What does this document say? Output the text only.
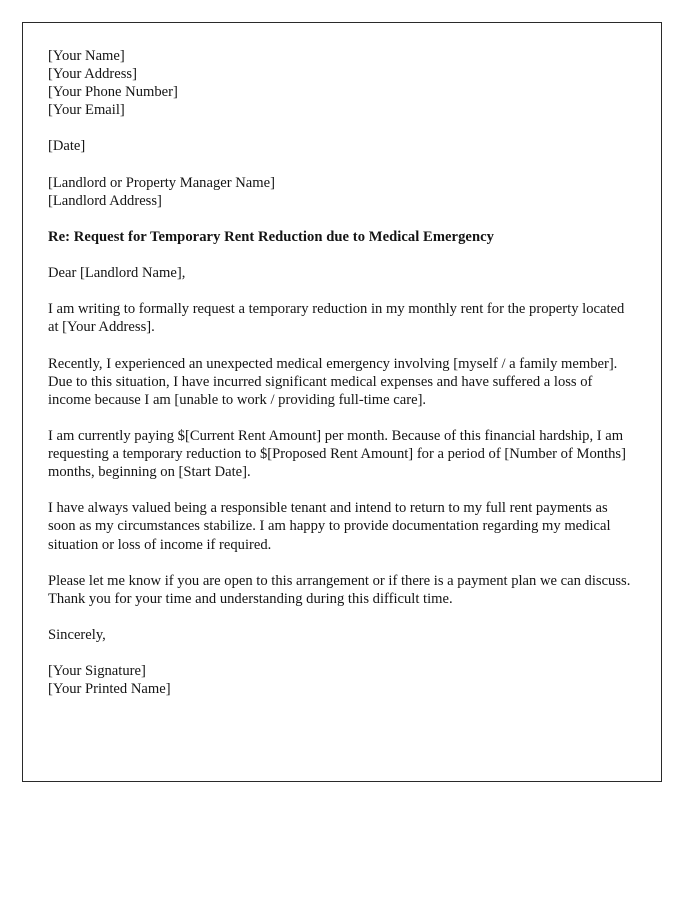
[Your Name]
[Your Address]
[Your Phone Number]
[Your Email]
[Date]
[Landlord or Property Manager Name]
[Landlord Address]
Re: Request for Temporary Rent Reduction due to Medical Emergency
Dear [Landlord Name],
I am writing to formally request a temporary reduction in my monthly rent for the property located at [Your Address].
Recently, I experienced an unexpected medical emergency involving [myself / a family member]. Due to this situation, I have incurred significant medical expenses and have suffered a loss of income because I am [unable to work / providing full-time care].
I am currently paying $[Current Rent Amount] per month. Because of this financial hardship, I am requesting a temporary reduction to $[Proposed Rent Amount] for a period of [Number of Months] months, beginning on [Start Date].
I have always valued being a responsible tenant and intend to return to my full rent payments as soon as my circumstances stabilize. I am happy to provide documentation regarding my medical situation or loss of income if required.
Please let me know if you are open to this arrangement or if there is a payment plan we can discuss. Thank you for your time and understanding during this difficult time.
Sincerely,
[Your Signature]
[Your Printed Name]
